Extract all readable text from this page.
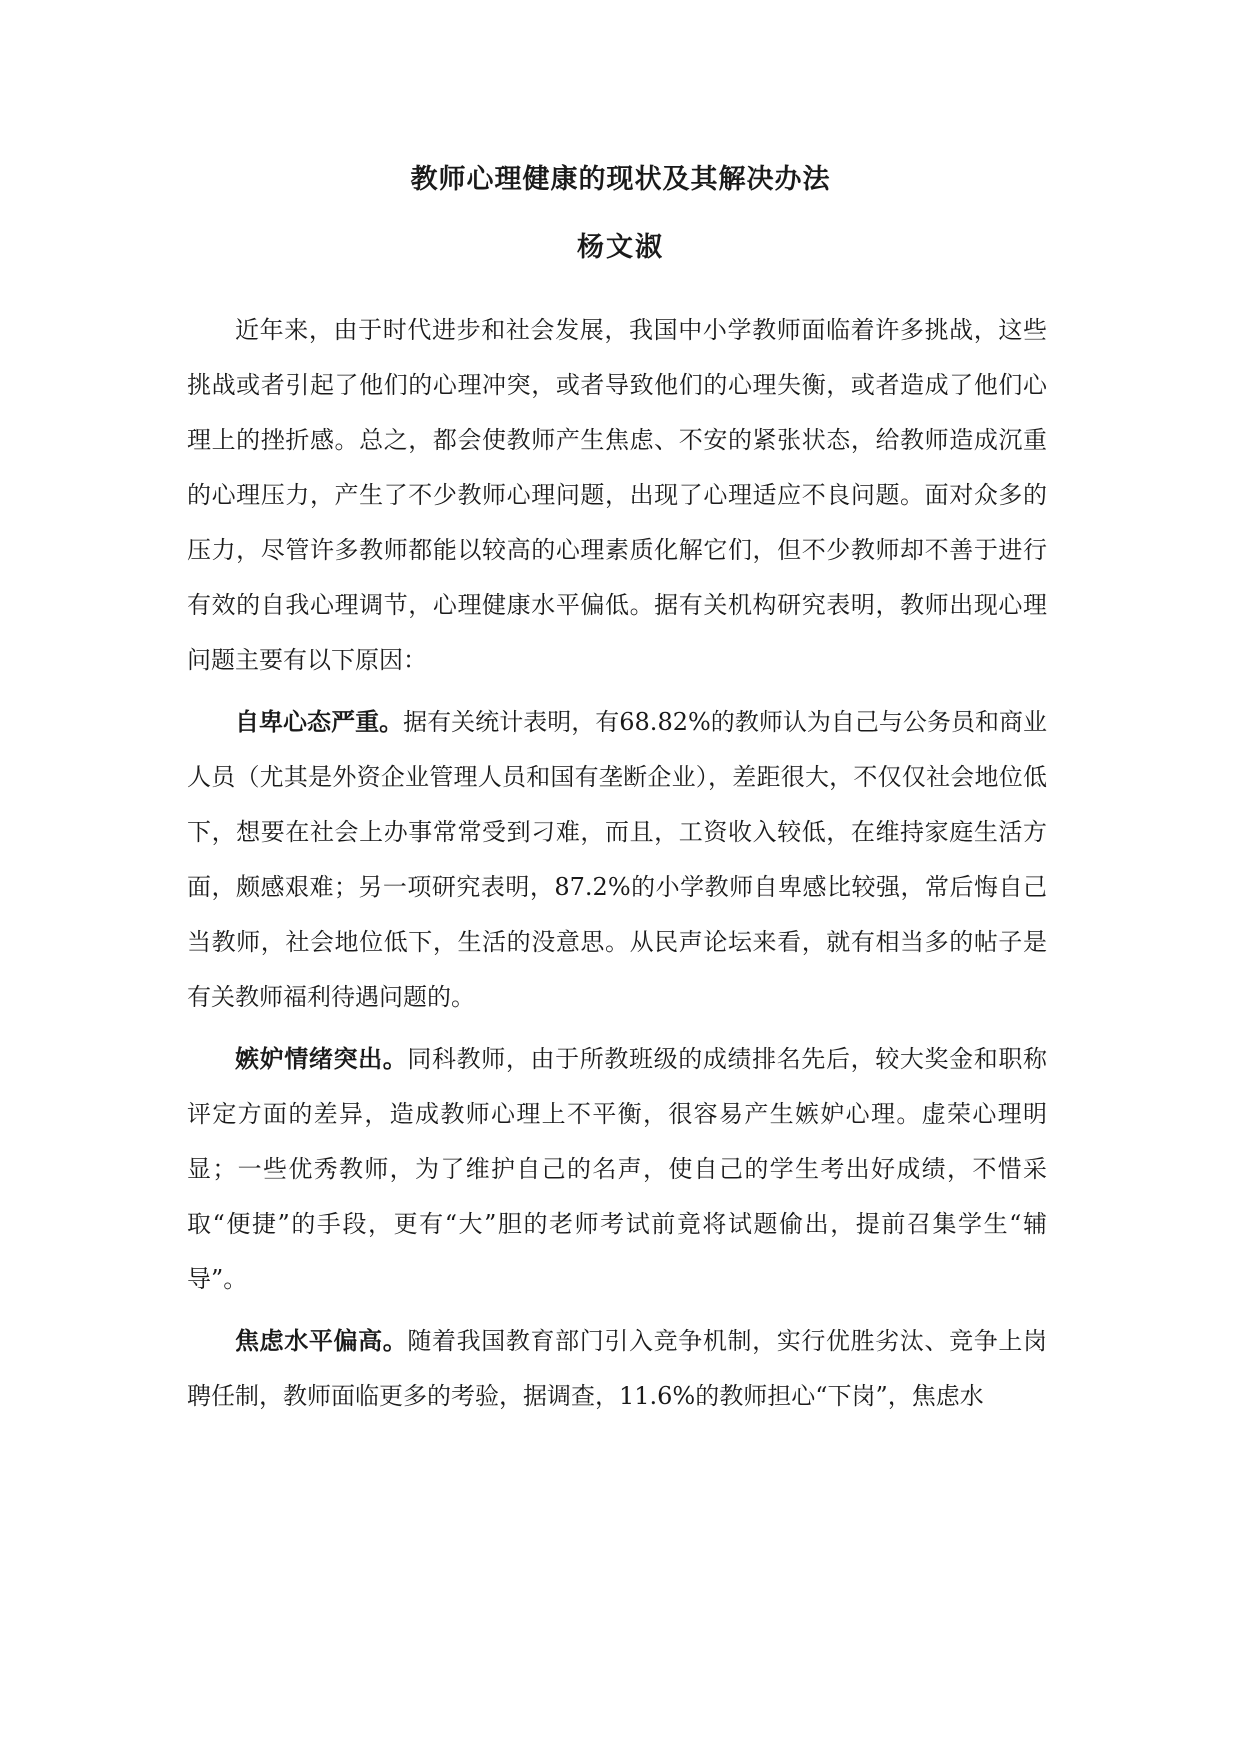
教师心理健康的现状及其解决办法
杨文淑

近年来，由于时代进步和社会发展，我国中小学教师面临着许多挑战，这些挑战或者引起了他们的心理冲突，或者导致他们的心理失衡，或者造成了他们心理上的挫折感。总之，都会使教师产生焦虑、不安的紧张状态，给教师造成沉重的心理压力，产生了不少教师心理问题，出现了心理适应不良问题。面对众多的压力，尽管许多教师都能以较高的心理素质化解它们，但不少教师却不善于进行有效的自我心理调节，心理健康水平偏低。据有关机构研究表明，教师出现心理问题主要有以下原因：

自卑心态严重。据有关统计表明，有68.82%的教师认为自己与公务员和商业人员（尤其是外资企业管理人员和国有垄断企业），差距很大，不仅仅社会地位低下，想要在社会上办事常常受到刁难，而且，工资收入较低，在维持家庭生活方面，颇感艰难；另一项研究表明，87.2%的小学教师自卑感比较强，常后悔自己当教师，社会地位低下，生活的没意思。从民声论坛来看，就有相当多的帖子是有关教师福利待遇问题的。

嫉妒情绪突出。同科教师，由于所教班级的成绩排名先后，较大奖金和职称评定方面的差异，造成教师心理上不平衡，很容易产生嫉妒心理。虚荣心理明显；一些优秀教师，为了维护自己的名声，使自己的学生考出好成绩，不惜采取“便捷”的手段，更有“大”胆的老师考试前竟将试题偷出，提前召集学生“辅导”。

焦虑水平偏高。随着我国教育部门引入竞争机制，实行优胜劣汰、竞争上岗聘任制，教师面临更多的考验，据调查，11.6%的教师担心“下岗”，焦虑水
